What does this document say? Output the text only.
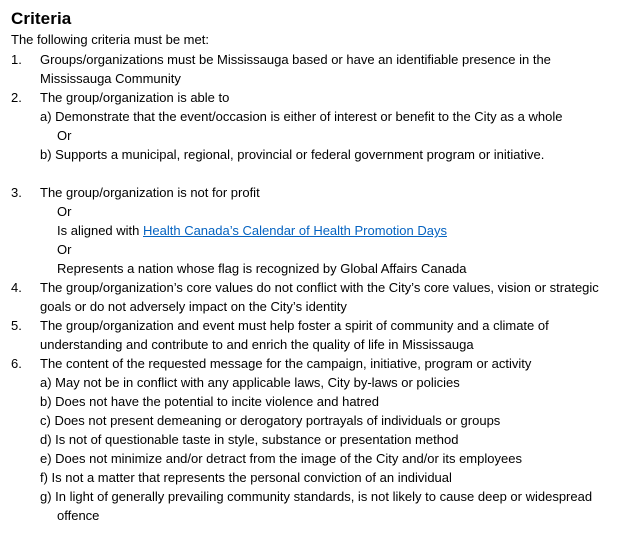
Criteria

The following criteria must be met:

1.	Groups/organizations must be Mississauga based or have an identifiable presence in the Mississauga Community
2.	The group/organization is able to
a) Demonstrate that the event/occasion is either of interest or benefit to the City as a whole
Or
b) Supports a municipal, regional, provincial or federal government program or initiative.
3.	The group/organization is not for profit
Or
Is aligned with Health Canada’s Calendar of Health Promotion Days
Or
Represents a nation whose flag is recognized by Global Affairs Canada
4.	The group/organization’s core values do not conflict with the City’s core values, vision or strategic goals or do not adversely impact on the City’s identity
5.	The group/organization and event must help foster a spirit of community and a climate of understanding and contribute to and enrich the quality of life in Mississauga
6.	The content of the requested message for the campaign, initiative, program or activity
a) May not be in conflict with any applicable laws, City by-laws or policies
b) Does not have the potential to incite violence and hatred
c) Does not present demeaning or derogatory portrayals of individuals or groups
d) Is not of questionable taste in style, substance or presentation method
e) Does not minimize and/or detract from the image of the City and/or its employees
f) Is not a matter that represents the personal conviction of an individual
g) In light of generally prevailing community standards, is not likely to cause deep or widespread offence
